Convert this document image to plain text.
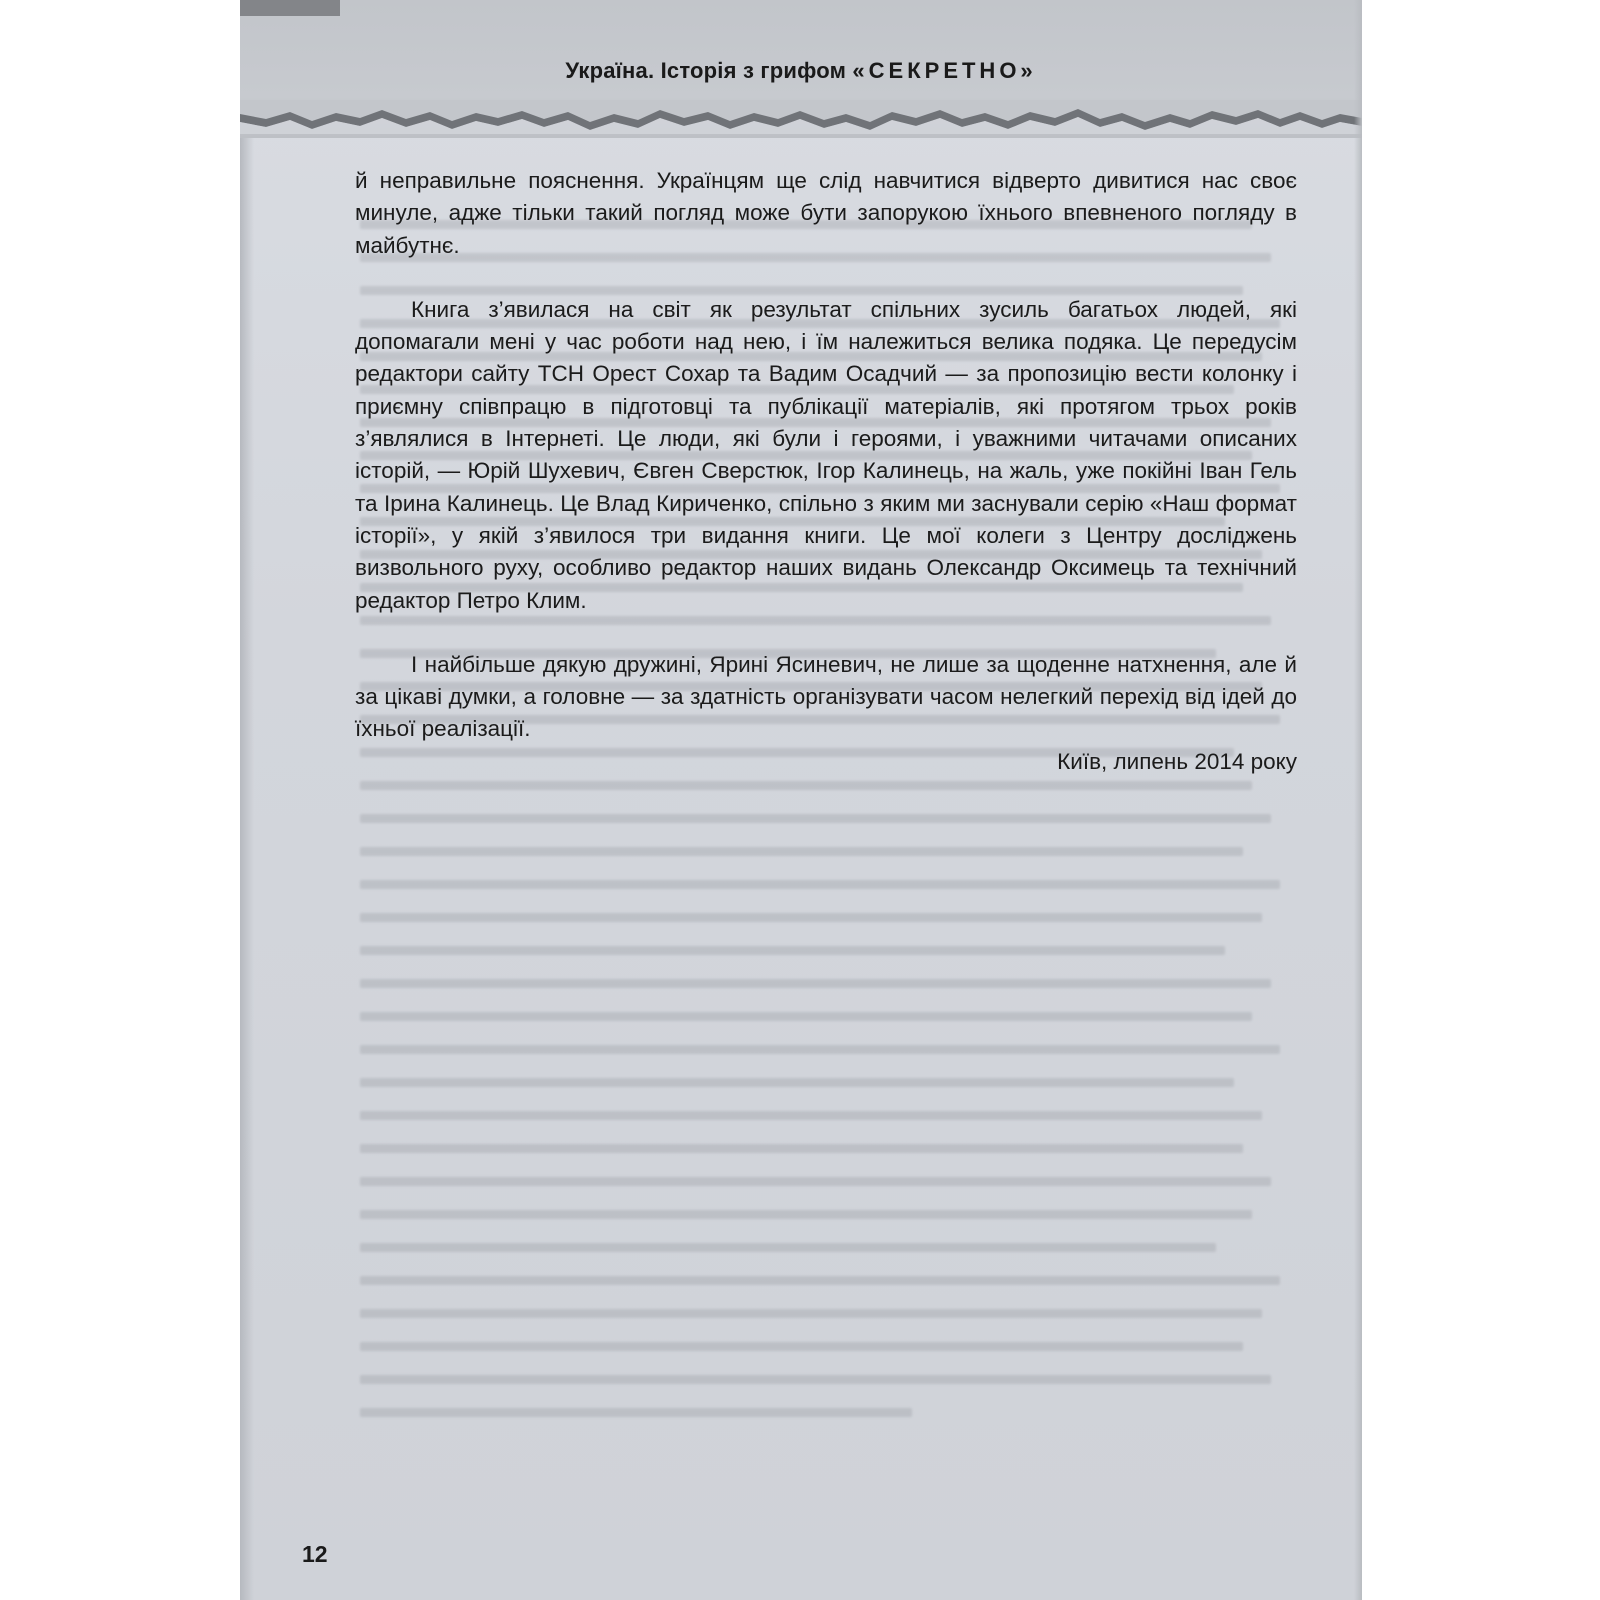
Україна. Історія з грифом «СЕКРЕТНО»

й неправильне пояснення. Українцям ще слід навчитися відверто дивитися нас своє минуле, адже тільки такий погляд може бути запорукою їхнього впевненого погляду в майбутнє.

Книга з’явилася на світ як результат спільних зусиль багатьох людей, які допомагали мені у час роботи над нею, і їм належиться велика подяка. Це передусім редактори сайту ТСН Орест Сохар та Вадим Осадчий — за пропозицію вести колонку і приємну співпрацю в підготовці та публікації матеріалів, які протягом трьох років з’являлися в Інтернеті. Це люди, які були і героями, і уважними читачами описаних історій, — Юрій Шухевич, Євген Сверстюк, Ігор Калинець, на жаль, уже покійні Іван Гель та Ірина Калинець. Це Влад Кириченко, спільно з яким ми заснували серію «Наш формат історії», у якій з’явилося три видання книги. Це мої колеги з Центру досліджень визвольного руху, особливо редактор наших видань Олександр Оксимець та технічний редактор Петро Клим.

І найбільше дякую дружині, Ярині Ясиневич, не лише за щоденне натхнення, але й за цікаві думки, а головне — за здатність організувати часом нелегкий перехід від ідей до їхньої реалізації.

Київ, липень 2014 року

12
